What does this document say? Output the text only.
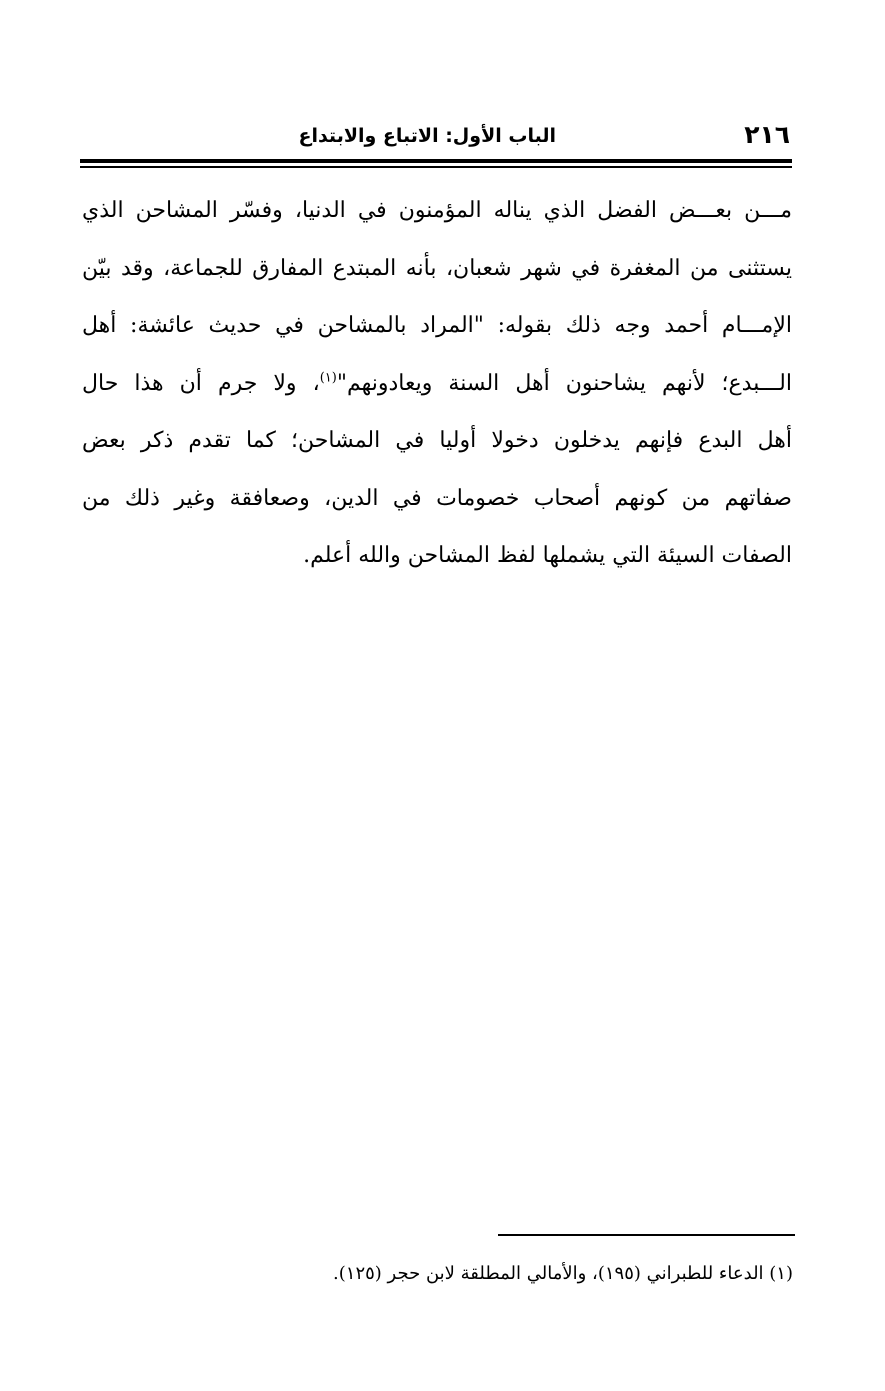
٢١٦
الباب الأول: الاتباع والابتداع
مـــن بعـــض الفضل الذي يناله المؤمنون في الدنيا، وفسّر المشاحن الذي
يستثنى من المغفرة في شهر شعبان، بأنه المبتدع المفارق للجماعة، وقد بيّن
الإمـــام أحمد وجه ذلك بقوله: "المراد بالمشاحن في حديث عائشة: أهل
الـــبدع؛ لأنهم يشاحنون أهل السنة ويعادونهم"$^{(١)}$، ولا جرم أن هذا حال
أهل البدع فإنهم يدخلون دخولا أوليا في المشاحن؛ كما تقدم ذكر بعض
صفاتهم من كونهم أصحاب خصومات في الدين، وصعافقة وغير ذلك من
الصفات السيئة التي يشملها لفظ المشاحن والله أعلم.
(١) الدعاء للطبراني (١٩٥)، والأمالي المطلقة لابن حجر (١٢٥).
